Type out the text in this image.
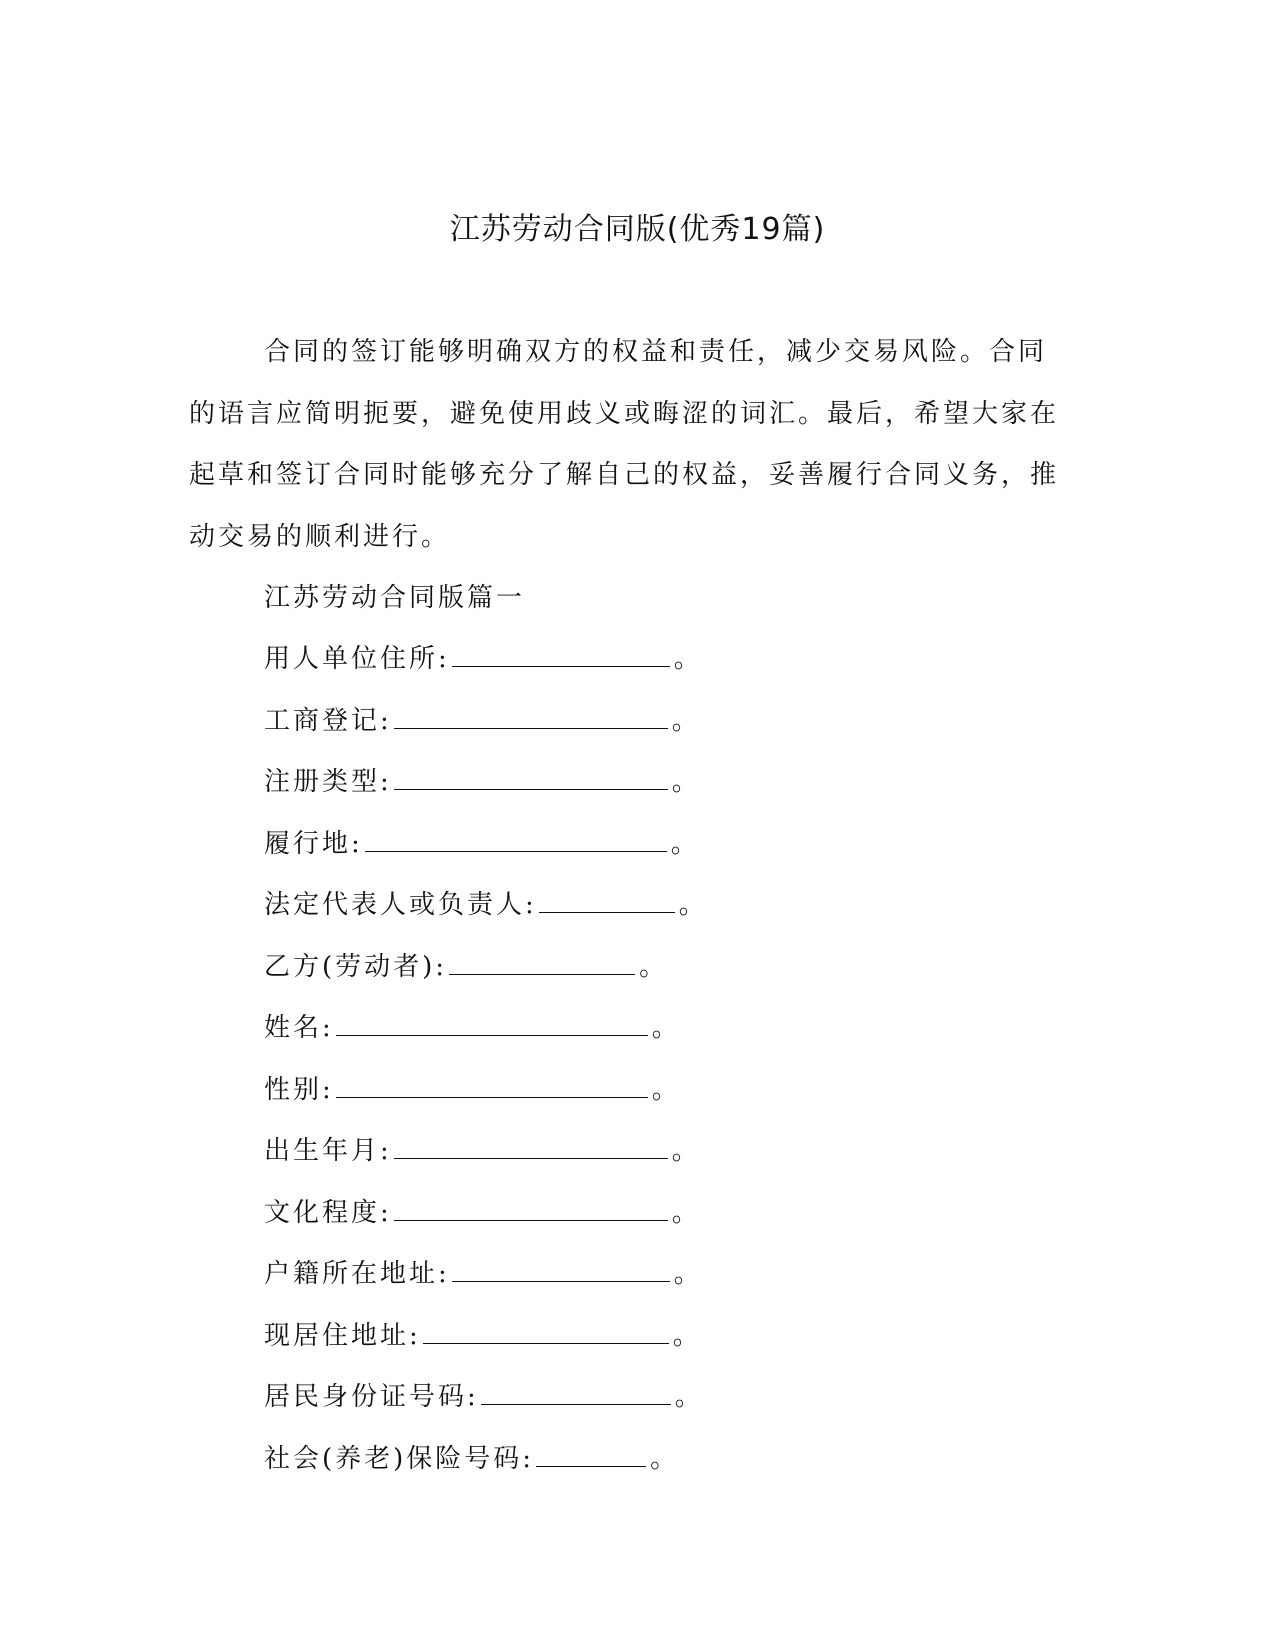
江苏劳动合同版(优秀19篇)

合同的签订能够明确双方的权益和责任，减少交易风险。合同的语言应简明扼要，避免使用歧义或晦涩的词汇。最后，希望大家在起草和签订合同时能够充分了解自己的权益，妥善履行合同义务，推动交易的顺利进行。

江苏劳动合同版篇一

用人单位住所:	。
工商登记:	。
注册类型:	。
履行地:	。
法定代表人或负责人:	。
乙方(劳动者):	。
姓名:	。
性别:	。
出生年月:	。
文化程度:	。
户籍所在地址:	。
现居住地址:	。
居民身份证号码:	。
社会(养老)保险号码:	。
